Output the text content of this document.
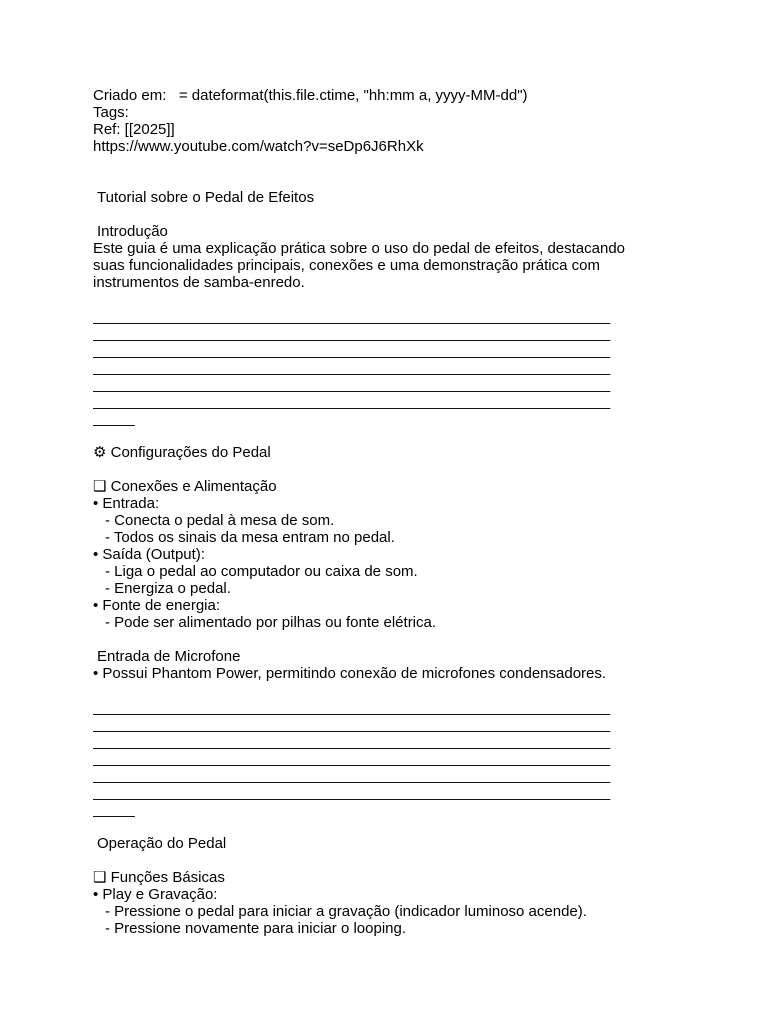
Criado em:   = dateformat(this.file.ctime, "hh:mm a, yyyy-MM-dd")
Tags:
Ref: [[2025]]
https://www.youtube.com/watch?v=seDp6J6RhXk
Tutorial sobre o Pedal de Efeitos
Introdução
Este guia é uma explicação prática sobre o uso do pedal de efeitos, destacando
suas funcionalidades principais, conexões e uma demonstração prática com
instrumentos de samba-enredo.
______________________________________________________________
______________________________________________________________
______________________________________________________________
______________________________________________________________
______________________________________________________________
______________________________________________________________
_____
⚙ Configurações do Pedal
❑ Conexões e Alimentação
• Entrada:
- Conecta o pedal à mesa de som.
- Todos os sinais da mesa entram no pedal.
• Saída (Output):
- Liga o pedal ao computador ou caixa de som.
- Energiza o pedal.
• Fonte de energia:
- Pode ser alimentado por pilhas ou fonte elétrica.
Entrada de Microfone
• Possui Phantom Power, permitindo conexão de microfones condensadores.
______________________________________________________________
______________________________________________________________
______________________________________________________________
______________________________________________________________
______________________________________________________________
______________________________________________________________
_____
Operação do Pedal
❑ Funções Básicas
• Play e Gravação:
- Pressione o pedal para iniciar a gravação (indicador luminoso acende).
- Pressione novamente para iniciar o looping.
